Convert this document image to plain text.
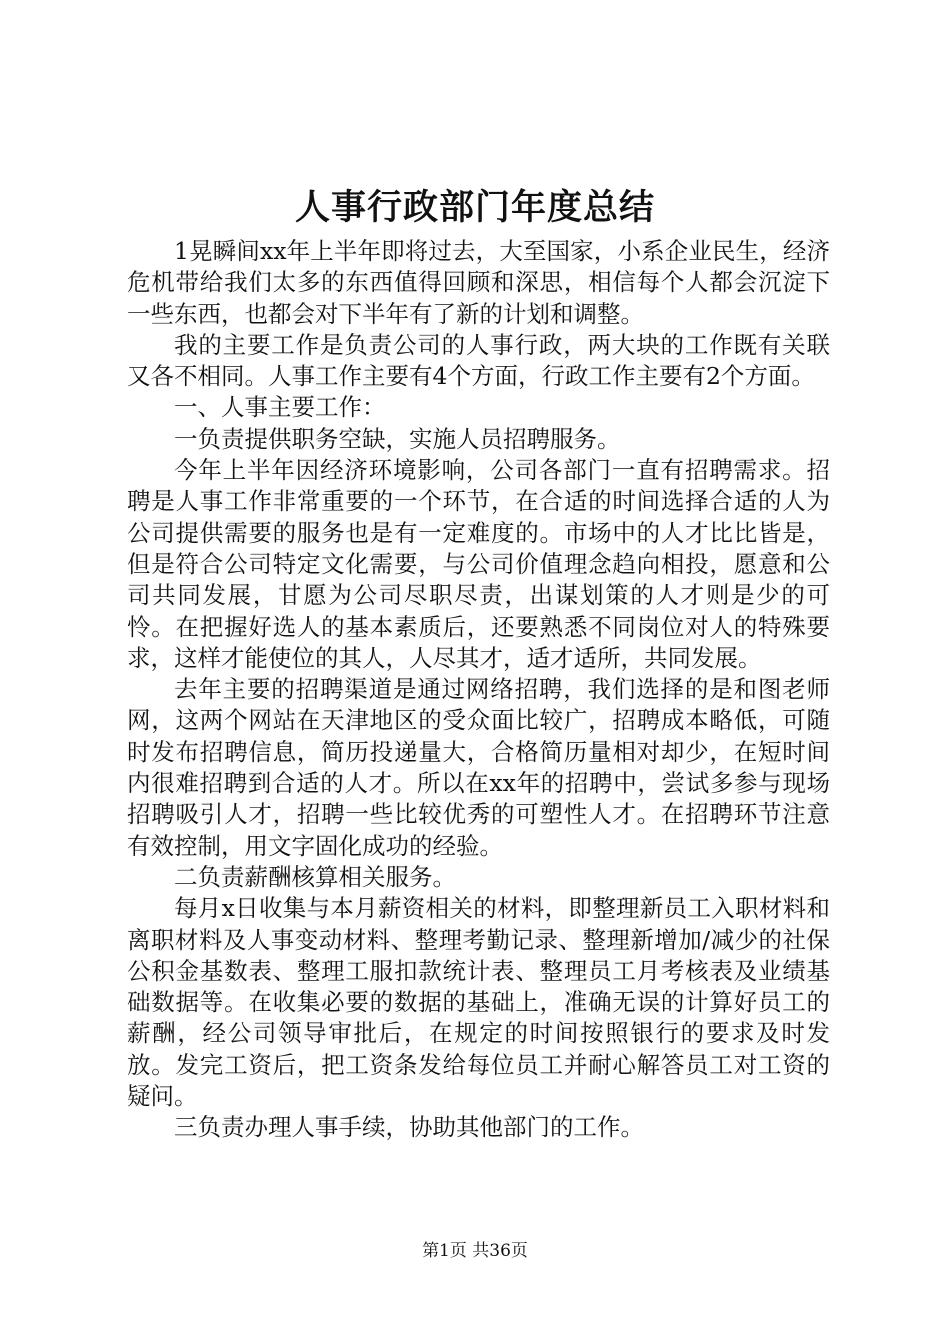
人事行政部门年度总结

1晃瞬间xx年上半年即将过去，大至国家，小系企业民生，经济危机带给我们太多的东西值得回顾和深思，相信每个人都会沉淀下一些东西，也都会对下半年有了新的计划和调整。

我的主要工作是负责公司的人事行政，两大块的工作既有关联又各不相同。人事工作主要有4个方面，行政工作主要有2个方面。

一、人事主要工作：

一负责提供职务空缺，实施人员招聘服务。

今年上半年因经济环境影响，公司各部门一直有招聘需求。招聘是人事工作非常重要的一个环节，在合适的时间选择合适的人为公司提供需要的服务也是有一定难度的。市场中的人才比比皆是，但是符合公司特定文化需要，与公司价值理念趋向相投，愿意和公司共同发展，甘愿为公司尽职尽责，出谋划策的人才则是少的可怜。在把握好选人的基本素质后，还要熟悉不同岗位对人的特殊要求，这样才能使位的其人，人尽其才，适才适所，共同发展。

去年主要的招聘渠道是通过网络招聘，我们选择的是和图老师网，这两个网站在天津地区的受众面比较广，招聘成本略低，可随时发布招聘信息，简历投递量大，合格简历量相对却少，在短时间内很难招聘到合适的人才。所以在xx年的招聘中，尝试多参与现场招聘吸引人才，招聘一些比较优秀的可塑性人才。在招聘环节注意有效控制，用文字固化成功的经验。

二负责薪酬核算相关服务。

每月x日收集与本月薪资相关的材料，即整理新员工入职材料和离职材料及人事变动材料、整理考勤记录、整理新增加/减少的社保公积金基数表、整理工服扣款统计表、整理员工月考核表及业绩基础数据等。在收集必要的数据的基础上，准确无误的计算好员工的薪酬，经公司领导审批后，在规定的时间按照银行的要求及时发放。发完工资后，把工资条发给每位员工并耐心解答员工对工资的疑问。

三负责办理人事手续，协助其他部门的工作。

第1页 共36页
